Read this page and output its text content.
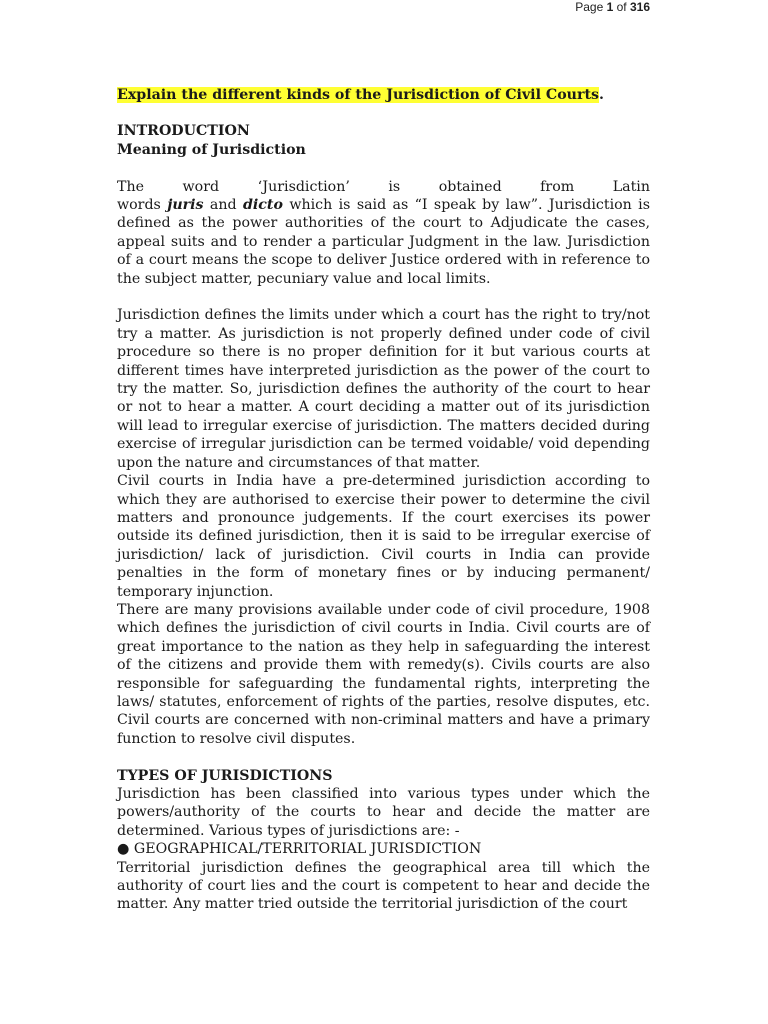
Page 1 of 316
Explain the different kinds of the Jurisdiction of Civil Courts.
INTRODUCTION
Meaning of Jurisdiction
The	word	‘Jurisdiction’	is	obtained	from	Latin

words juris and dicto which is said as “I speak by law”. Jurisdiction is defined as the power authorities of the court to Adjudicate the cases, appeal suits and to render a particular Judgment in the law. Jurisdiction of a court means the scope to deliver Justice ordered with in reference to the subject matter, pecuniary value and local limits.

Jurisdiction defines the limits under which a court has the right to try/not try a matter. As jurisdiction is not properly defined under code of civil procedure so there is no proper definition for it but various courts at different times have interpreted jurisdiction as the power of the court to try the matter. So, jurisdiction defines the authority of the court to hear or not to hear a matter. A court deciding a matter out of its jurisdiction will lead to irregular exercise of jurisdiction. The matters decided during exercise of irregular jurisdiction can be termed voidable/ void depending upon the nature and circumstances of that matter.

Civil courts in India have a pre-determined jurisdiction according to which they are authorised to exercise their power to determine the civil matters and pronounce judgements. If the court exercises its power outside its defined jurisdiction, then it is said to be irregular exercise of jurisdiction/ lack of jurisdiction. Civil courts in India can provide penalties in the form of monetary fines or by inducing permanent/ temporary injunction.

There are many provisions available under code of civil procedure, 1908 which defines the jurisdiction of civil courts in India. Civil courts are of great importance to the nation as they help in safeguarding the interest of the citizens and provide them with remedy(s). Civils courts are also responsible for safeguarding the fundamental rights, interpreting the laws/ statutes, enforcement of rights of the parties, resolve disputes, etc. Civil courts are concerned with non-criminal matters and have a primary function to resolve civil disputes.

TYPES OF JURISDICTIONS

Jurisdiction has been classified into various types under which the powers/authority of the courts to hear and decide the matter are determined. Various types of jurisdictions are: -

● GEOGRAPHICAL/TERRITORIAL JURISDICTION

Territorial jurisdiction defines the geographical area till which the authority of court lies and the court is competent to hear and decide the matter. Any matter tried outside the territorial jurisdiction of the court
